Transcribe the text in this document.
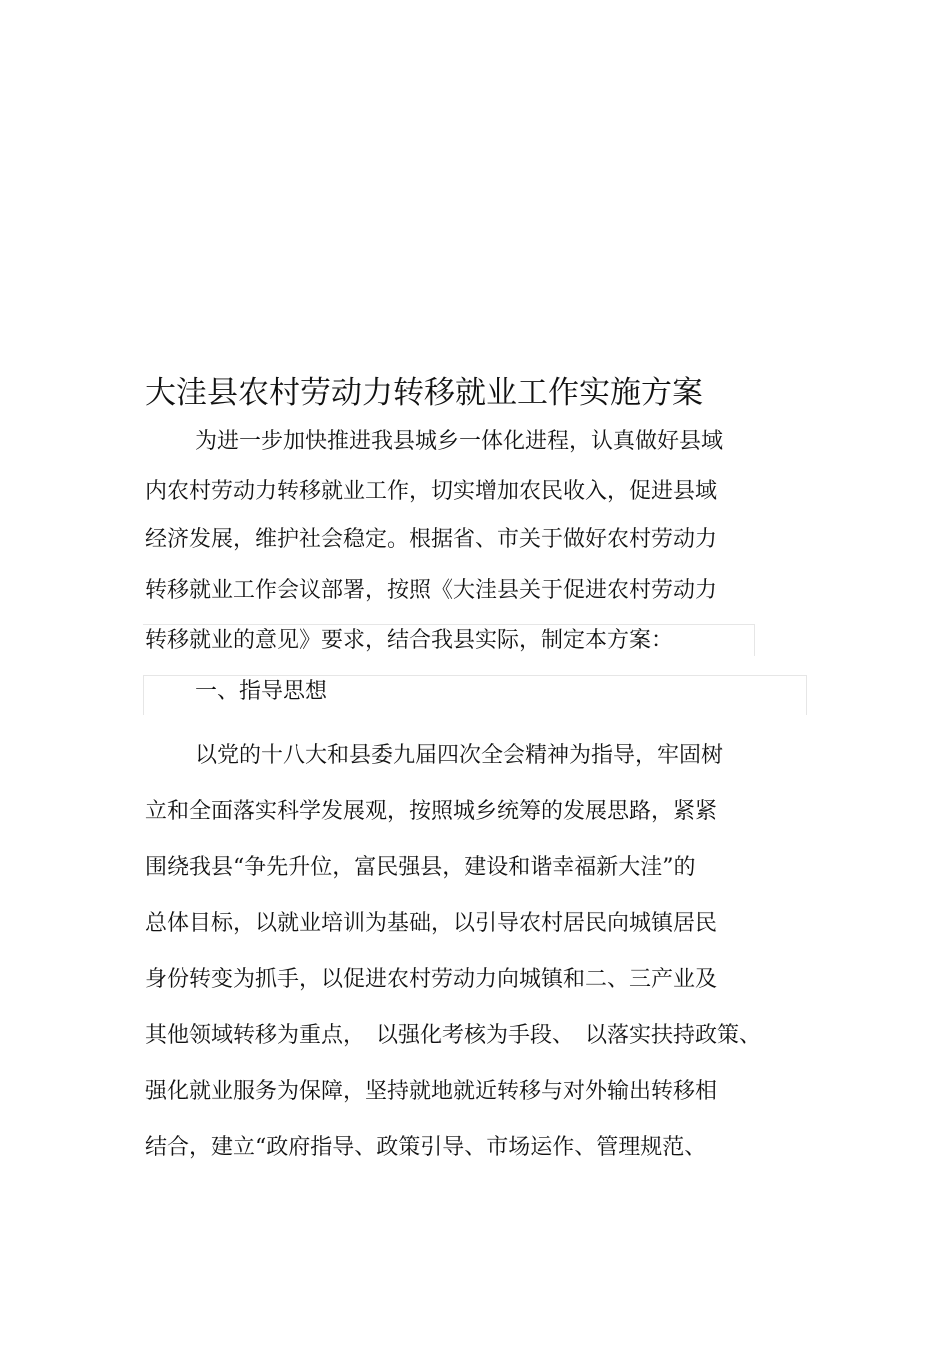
大洼县农村劳动力转移就业工作实施方案
为进一步加快推进我县城乡一体化进程，认真做好县域
内农村劳动力转移就业工作，切实增加农民收入，促进县域
经济发展，维护社会稳定。根据省、市关于做好农村劳动力
转移就业工作会议部署，按照《大洼县关于促进农村劳动力
转移就业的意见》要求，结合我县实际，制定本方案：
一、指导思想
以党的十八大和县委九届四次全会精神为指导，牢固树
立和全面落实科学发展观，按照城乡统筹的发展思路，紧紧
围绕我县“争先升位，富民强县，建设和谐幸福新大洼”的
总体目标，以就业培训为基础，以引导农村居民向城镇居民
身份转变为抓手，以促进农村劳动力向城镇和二、三产业及
其他领域转移为重点，　以强化考核为手段、　以落实扶持政策、
强化就业服务为保障，坚持就地就近转移与对外输出转移相
结合，建立“政府指导、政策引导、市场运作、管理规范、
